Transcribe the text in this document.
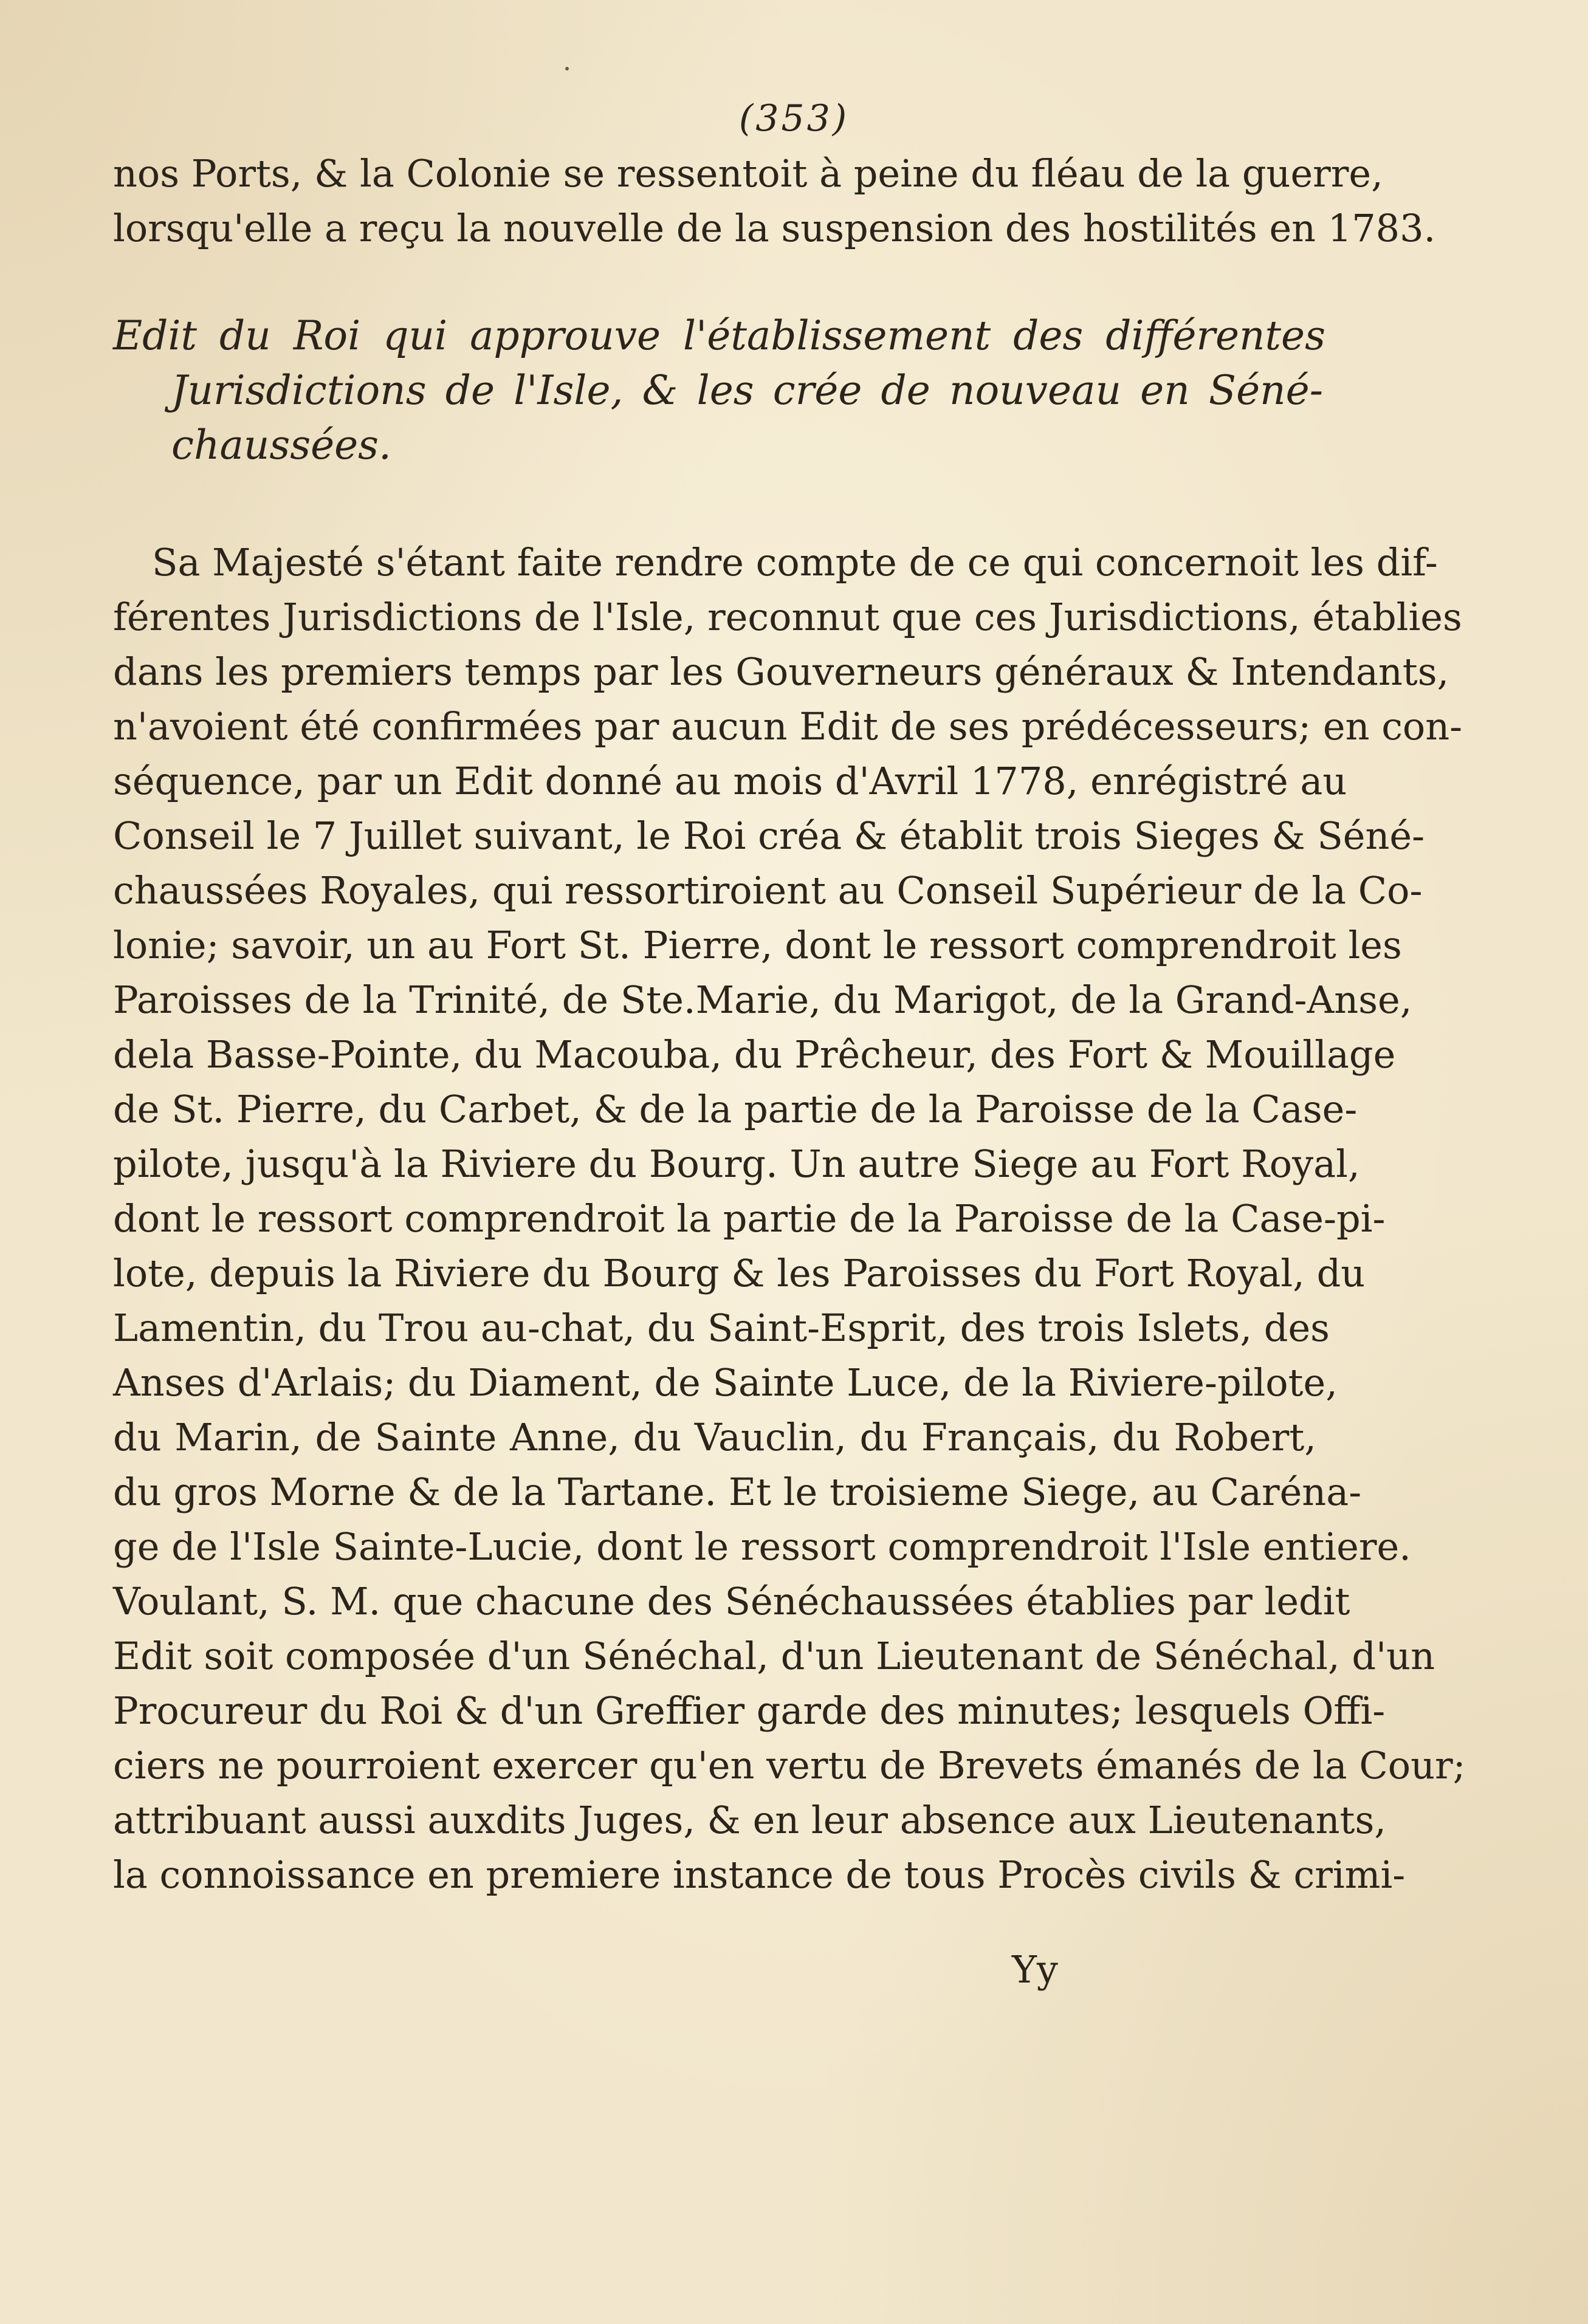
(353)
nos Ports, & la Colonie se ressentoit à peine du fléau de la guerre,
lorsqu'elle a reçu la nouvelle de la suspension des hostilités en 1783.
Edit du Roi qui approuve l'établissement des différentes
Jurisdictions de l'Isle, & les crée de nouveau en Séné-
chaussées.
Sa Majesté s'étant faite rendre compte de ce qui concernoit les dif-
férentes Jurisdictions de l'Isle, reconnut que ces Jurisdictions, établies
dans les premiers temps par les Gouverneurs généraux & Intendants,
n'avoient été confirmées par aucun Edit de ses prédécesseurs; en con-
séquence, par un Edit donné au mois d'Avril 1778, enrégistré au
Conseil le 7 Juillet suivant, le Roi créa & établit trois Sieges & Séné-
chaussées Royales, qui ressortiroient au Conseil Supérieur de la Co-
lonie; savoir, un au Fort St. Pierre, dont le ressort comprendroit les
Paroisses de la Trinité, de Ste.Marie, du Marigot, de la Grand-Anse,
dela Basse-Pointe, du Macouba, du Prêcheur, des Fort & Mouillage
de St. Pierre, du Carbet, & de la partie de la Paroisse de la Case-
pilote, jusqu'à la Riviere du Bourg. Un autre Siege au Fort Royal,
dont le ressort comprendroit la partie de la Paroisse de la Case-pi-
lote, depuis la Riviere du Bourg & les Paroisses du Fort Royal, du
Lamentin, du Trou au-chat, du Saint-Esprit, des trois Islets, des
Anses d'Arlais; du Diament, de Sainte Luce, de la Riviere-pilote,
du Marin, de Sainte Anne, du Vauclin, du Français, du Robert,
du gros Morne & de la Tartane. Et le troisieme Siege, au Caréna-
ge de l'Isle Sainte-Lucie, dont le ressort comprendroit l'Isle entiere.
Voulant, S. M. que chacune des Sénéchaussées établies par ledit
Edit soit composée d'un Sénéchal, d'un Lieutenant de Sénéchal, d'un
Procureur du Roi & d'un Greffier garde des minutes; lesquels Offi-
ciers ne pourroient exercer qu'en vertu de Brevets émanés de la Cour;
attribuant aussi auxdits Juges, & en leur absence aux Lieutenants,
la connoissance en premiere instance de tous Procès civils & crimi-
Yy
